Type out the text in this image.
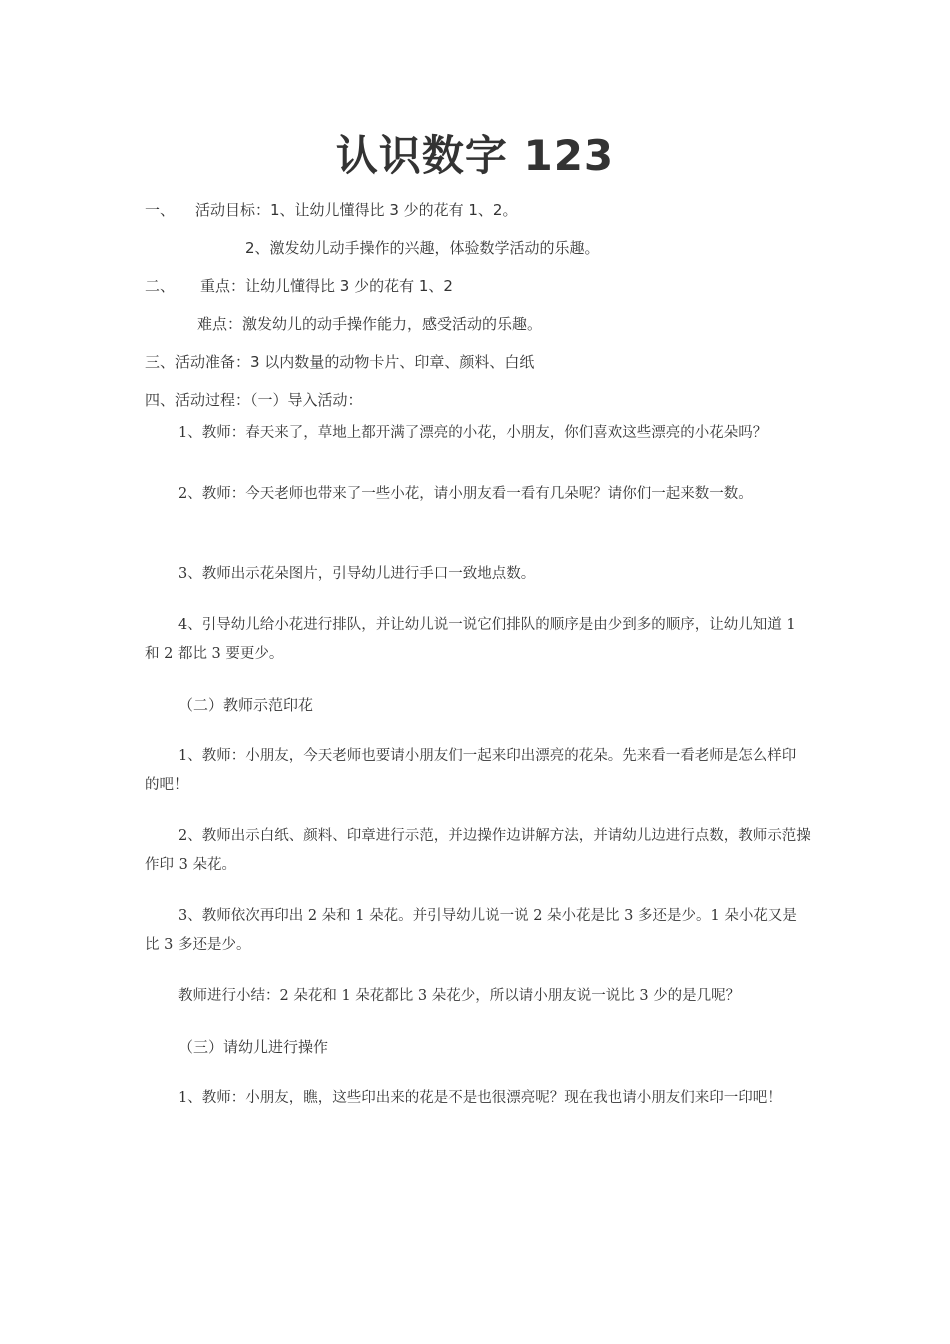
认识数字 123
一、 活动目标：1、让幼儿懂得比 3 少的花有 1、2。
2、激发幼儿动手操作的兴趣，体验数学活动的乐趣。
二、 重点：让幼儿懂得比 3 少的花有 1、2
难点：激发幼儿的动手操作能力，感受活动的乐趣。
三、活动准备：3 以内数量的动物卡片、印章、颜料、白纸
四、活动过程：（一）导入活动：
1、教师：春天来了，草地上都开满了漂亮的小花，小朋友，你们喜欢这些漂亮的小花朵吗？
2、教师：今天老师也带来了一些小花，请小朋友看一看有几朵呢？请你们一起来数一数。
3、教师出示花朵图片，引导幼儿进行手口一致地点数。
4、引导幼儿给小花进行排队，并让幼儿说一说它们排队的顺序是由少到多的顺序，让幼儿知道 1 和 2 都比 3 要更少。
（二）教师示范印花
1、教师：小朋友，今天老师也要请小朋友们一起来印出漂亮的花朵。先来看一看老师是怎么样印的吧！
2、教师出示白纸、颜料、印章进行示范，并边操作边讲解方法，并请幼儿边进行点数，教师示范操作印 3 朵花。
3、教师依次再印出 2 朵和 1 朵花。并引导幼儿说一说 2 朵小花是比 3 多还是少。1 朵小花又是比 3 多还是少。
教师进行小结：2 朵花和 1 朵花都比 3 朵花少，所以请小朋友说一说比 3 少的是几呢？
（三）请幼儿进行操作
1、教师：小朋友，瞧，这些印出来的花是不是也很漂亮呢？现在我也请小朋友们来印一印吧！
